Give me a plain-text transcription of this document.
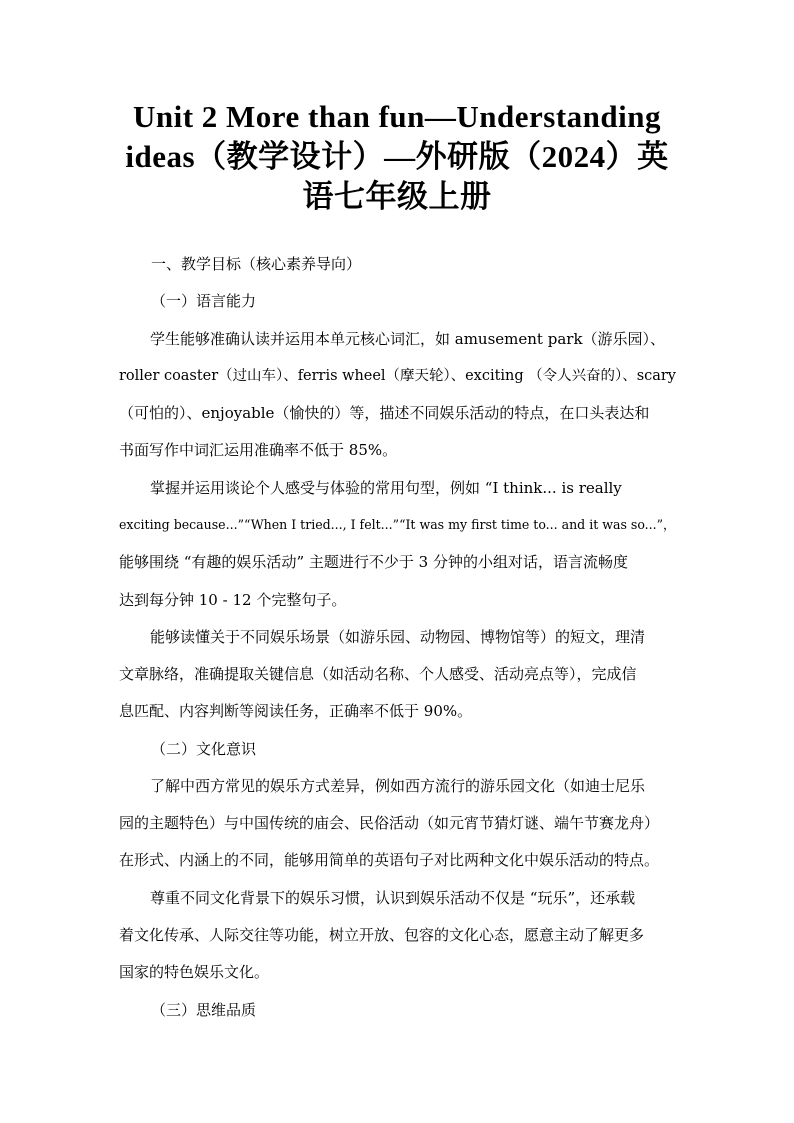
Unit 2 More than fun—Understanding
ideas（教学设计）—外研版（2024）英
语七年级上册
一、教学目标（核心素养导向）
（一）语言能力
学生能够准确认读并运用本单元核心词汇，如 amusement park（游乐园）、
roller coaster（过山车）、ferris wheel（摩天轮）、exciting （令人兴奋的）、scary
（可怕的）、enjoyable（愉快的）等，描述不同娱乐活动的特点，在口头表达和
书面写作中词汇运用准确率不低于 85%。
掌握并运用谈论个人感受与体验的常用句型，例如 “I think... is really
exciting because...”“When I tried..., I felt...”“It was my first time to... and it was so...”，
能够围绕 “有趣的娱乐活动” 主题进行不少于 3 分钟的小组对话，语言流畅度
达到每分钟 10 - 12 个完整句子。
能够读懂关于不同娱乐场景（如游乐园、动物园、博物馆等）的短文，理清
文章脉络，准确提取关键信息（如活动名称、个人感受、活动亮点等），完成信
息匹配、内容判断等阅读任务，正确率不低于 90%。
（二）文化意识
了解中西方常见的娱乐方式差异，例如西方流行的游乐园文化（如迪士尼乐
园的主题特色）与中国传统的庙会、民俗活动（如元宵节猜灯谜、端午节赛龙舟）
在形式、内涵上的不同，能够用简单的英语句子对比两种文化中娱乐活动的特点。
尊重不同文化背景下的娱乐习惯，认识到娱乐活动不仅是 “玩乐”，还承载
着文化传承、人际交往等功能，树立开放、包容的文化心态，愿意主动了解更多
国家的特色娱乐文化。
（三）思维品质
